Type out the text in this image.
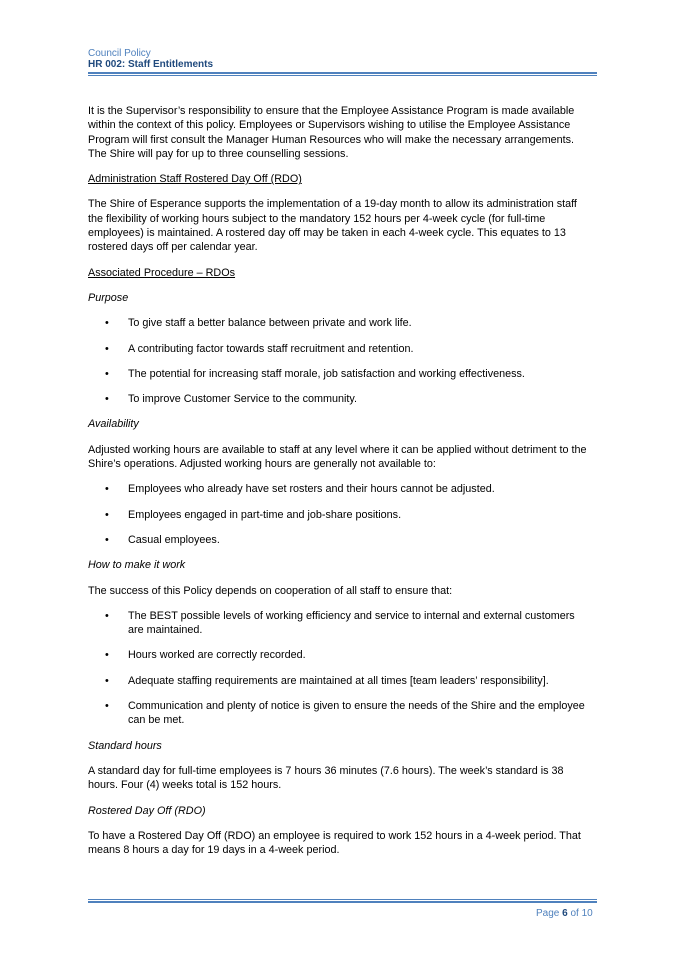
Council Policy
HR 002: Staff Entitlements

It is the Supervisor’s responsibility to ensure that the Employee Assistance Program is made available within the context of this policy. Employees or Supervisors wishing to utilise the Employee Assistance Program will first consult the Manager Human Resources who will make the necessary arrangements. The Shire will pay for up to three counselling sessions.

Administration Staff Rostered Day Off (RDO)

The Shire of Esperance supports the implementation of a 19-day month to allow its administration staff the flexibility of working hours subject to the mandatory 152 hours per 4-week cycle (for full-time employees) is maintained. A rostered day off may be taken in each 4-week cycle. This equates to 13 rostered days off per calendar year.

Associated Procedure – RDOs

Purpose

• To give staff a better balance between private and work life.
• A contributing factor towards staff recruitment and retention.
• The potential for increasing staff morale, job satisfaction and working effectiveness.
• To improve Customer Service to the community.

Availability

Adjusted working hours are available to staff at any level where it can be applied without detriment to the Shire’s operations. Adjusted working hours are generally not available to:

• Employees who already have set rosters and their hours cannot be adjusted.
• Employees engaged in part-time and job-share positions.
• Casual employees.

How to make it work

The success of this Policy depends on cooperation of all staff to ensure that:

• The BEST possible levels of working efficiency and service to internal and external customers are maintained.
• Hours worked are correctly recorded.
• Adequate staffing requirements are maintained at all times [team leaders’ responsibility].
• Communication and plenty of notice is given to ensure the needs of the Shire and the employee can be met.

Standard hours

A standard day for full-time employees is 7 hours 36 minutes (7.6 hours). The week’s standard is 38 hours. Four (4) weeks total is 152 hours.

Rostered Day Off (RDO)

To have a Rostered Day Off (RDO) an employee is required to work 152 hours in a 4-week period. That means 8 hours a day for 19 days in a 4-week period.

Page 6 of 10
